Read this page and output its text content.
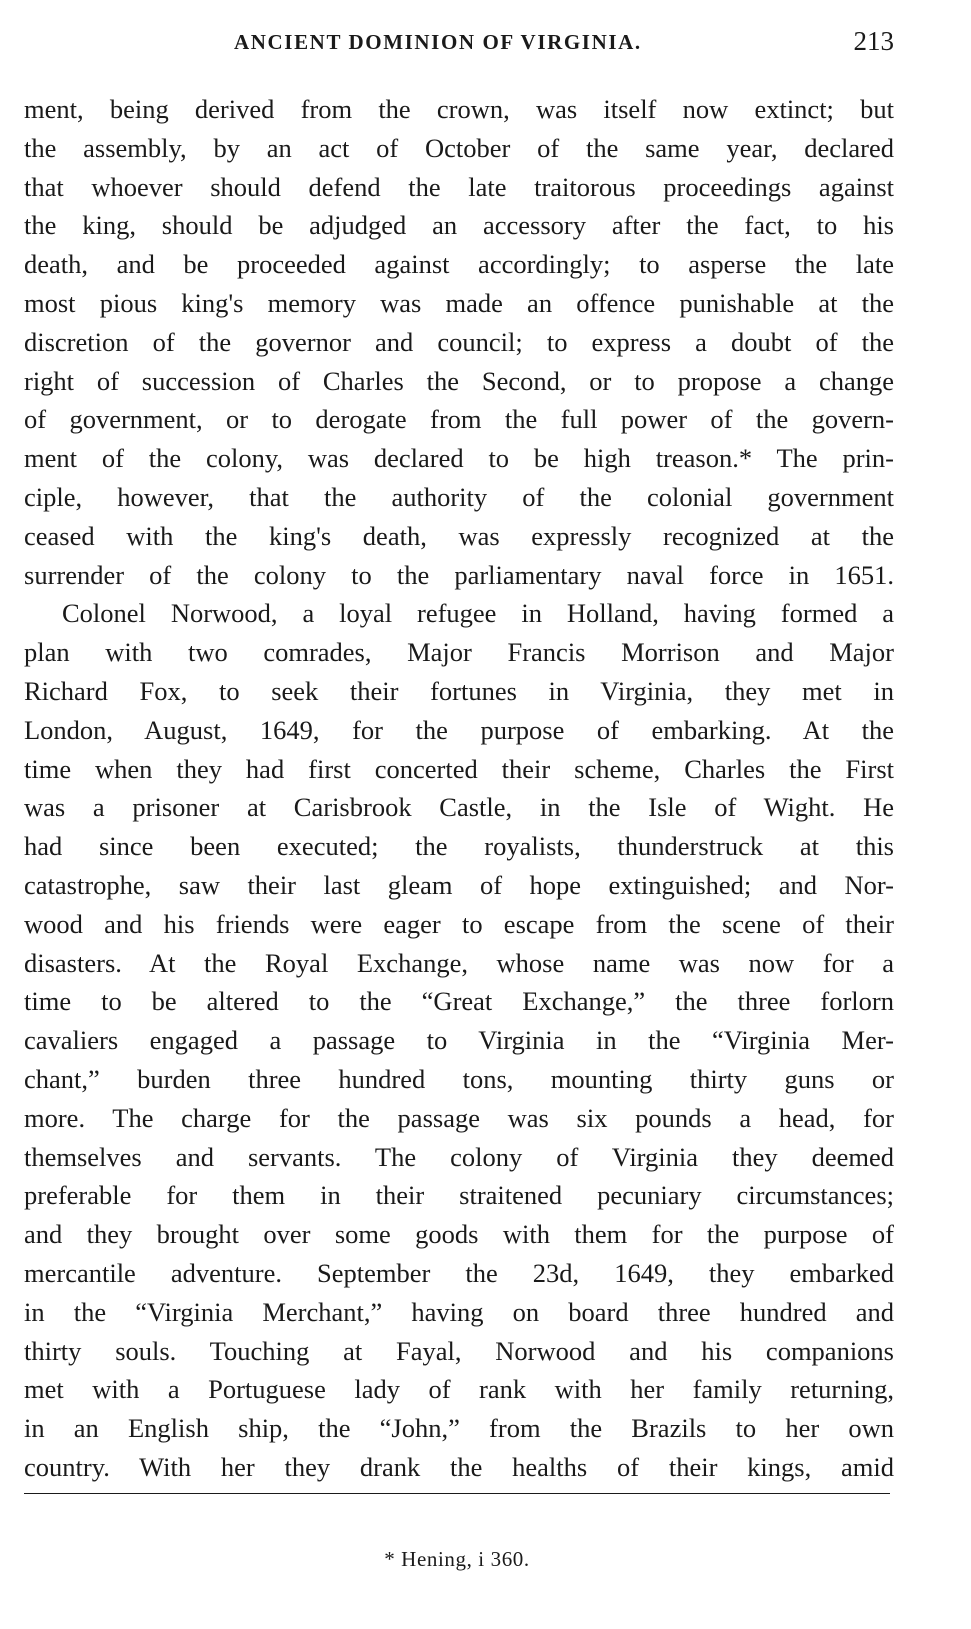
ANCIENT DOMINION OF VIRGINIA.	213

ment, being derived from the crown, was itself now extinct; but
the assembly, by an act of October of the same year, declared
that whoever should defend the late traitorous proceedings against
the king, should be adjudged an accessory after the fact, to his
death, and be proceeded against accordingly; to asperse the late
most pious king's memory was made an offence punishable at the
discretion of the governor and council; to express a doubt of the
right of succession of Charles the Second, or to propose a change
of government, or to derogate from the full power of the govern-
ment of the colony, was declared to be high treason.* The prin-
ciple, however, that the authority of the colonial government
ceased with the king's death, was expressly recognized at the
surrender of the colony to the parliamentary naval force in 1651.

Colonel Norwood, a loyal refugee in Holland, having formed a
plan with two comrades, Major Francis Morrison and Major
Richard Fox, to seek their fortunes in Virginia, they met in
London, August, 1649, for the purpose of embarking. At the
time when they had first concerted their scheme, Charles the First
was a prisoner at Carisbrook Castle, in the Isle of Wight. He
had since been executed; the royalists, thunderstruck at this
catastrophe, saw their last gleam of hope extinguished; and Nor-
wood and his friends were eager to escape from the scene of their
disasters. At the Royal Exchange, whose name was now for a
time to be altered to the “Great Exchange,” the three forlorn
cavaliers engaged a passage to Virginia in the “Virginia Mer-
chant,” burden three hundred tons, mounting thirty guns or
more. The charge for the passage was six pounds a head, for
themselves and servants. The colony of Virginia they deemed
preferable for them in their straitened pecuniary circumstances;
and they brought over some goods with them for the purpose of
mercantile adventure. September the 23d, 1649, they embarked
in the “Virginia Merchant,” having on board three hundred and
thirty souls. Touching at Fayal, Norwood and his companions
met with a Portuguese lady of rank with her family returning,
in an English ship, the “John,” from the Brazils to her own
country. With her they drank the healths of their kings, amid

* Hening, i 360.
